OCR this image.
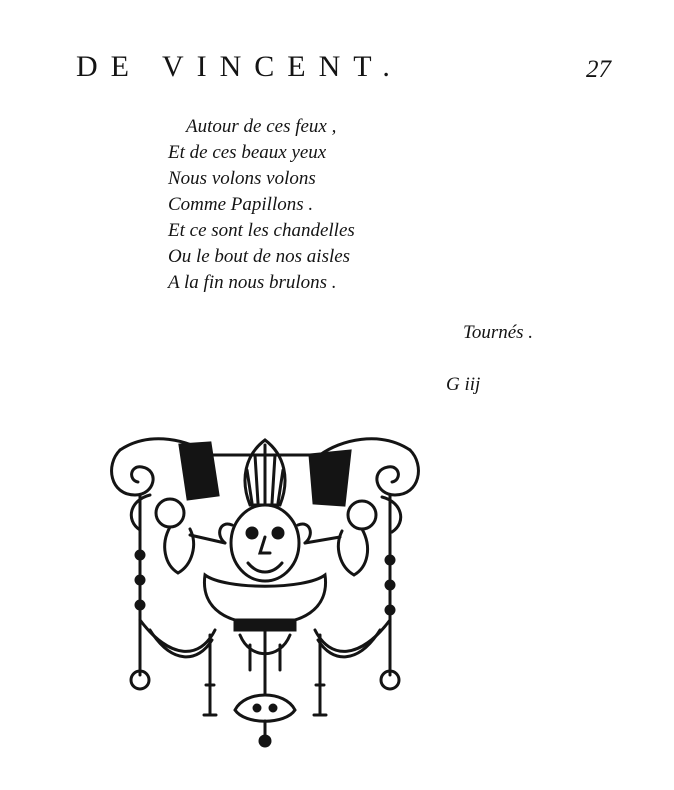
DE VINCENT.	27
Autour de ces feux ,
Et de ces beaux yeux
Nous volons volons
Comme Papillons .
Et ce sont les chandelles
Ou le bout de nos aisles
A la fin nous brulons .
Tournés .
G iij
